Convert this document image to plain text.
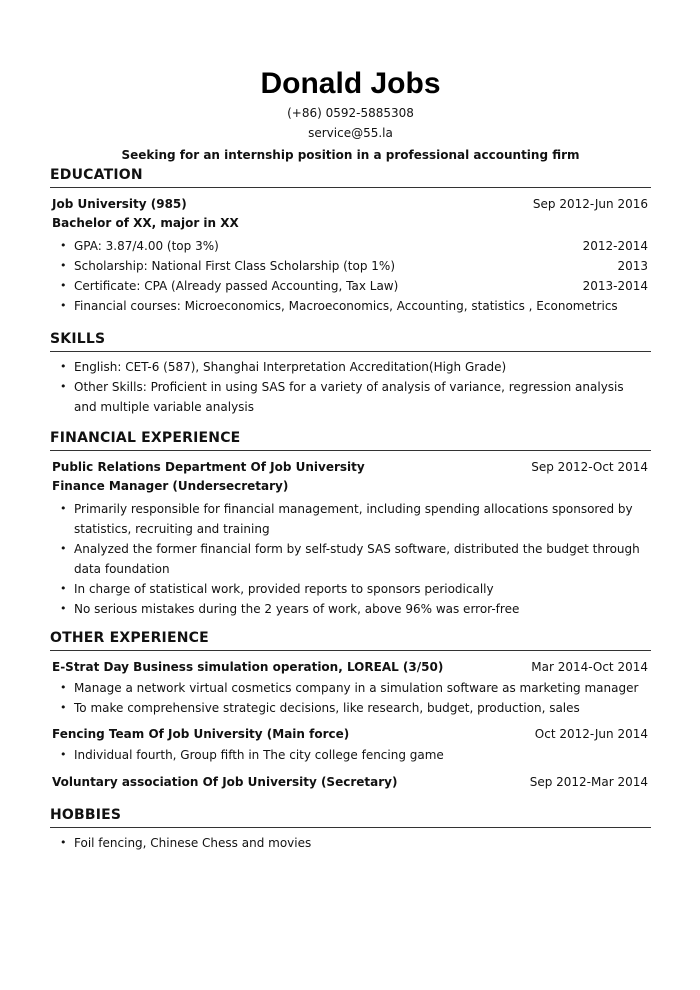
Donald Jobs
(+86) 0592-5885308
service@55.la
Seeking for an internship position in a professional accounting firm
EDUCATION
Job University (985)	Sep 2012-Jun 2016
Bachelor of XX, major in XX
• GPA: 3.87/4.00 (top 3%)	2012-2014
• Scholarship: National First Class Scholarship (top 1%)	2013
• Certificate: CPA (Already passed Accounting, Tax Law)	2013-2014
• Financial courses: Microeconomics, Macroeconomics, Accounting, statistics , Econometrics
SKILLS
• English: CET-6 (587), Shanghai Interpretation Accreditation(High Grade)
• Other Skills: Proficient in using SAS for a variety of analysis of variance, regression analysis and multiple variable analysis
FINANCIAL EXPERIENCE
Public Relations Department Of Job University	Sep 2012-Oct 2014
Finance Manager (Undersecretary)
• Primarily responsible for financial management, including spending allocations sponsored by statistics, recruiting and training
• Analyzed the former financial form by self-study SAS software, distributed the budget through data foundation
• In charge of statistical work, provided reports to sponsors periodically
• No serious mistakes during the 2 years of work, above 96% was error-free
OTHER EXPERIENCE
E-Strat Day Business simulation operation, LOREAL (3/50)	Mar 2014-Oct 2014
• Manage a network virtual cosmetics company in a simulation software as marketing manager
• To make comprehensive strategic decisions, like research, budget, production, sales
Fencing Team Of Job University (Main force)	Oct 2012-Jun 2014
• Individual fourth, Group fifth in The city college fencing game
Voluntary association Of Job University (Secretary)	Sep 2012-Mar 2014
HOBBIES
• Foil fencing, Chinese Chess and movies
